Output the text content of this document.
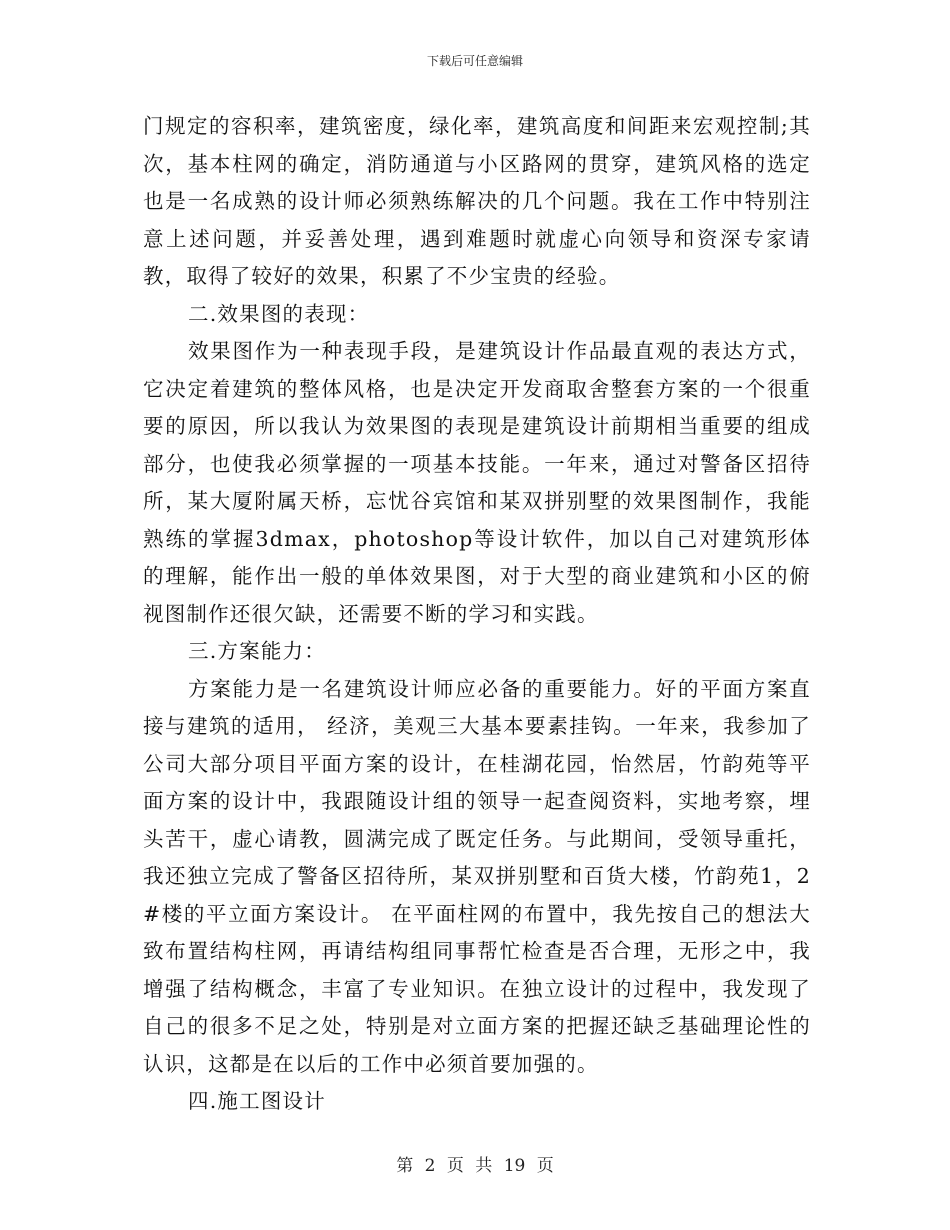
下载后可任意编辑

门规定的容积率，建筑密度，绿化率，建筑高度和间距来宏观控制;其次，基本柱网的确定，消防通道与小区路网的贯穿，建筑风格的选定也是一名成熟的设计师必须熟练解决的几个问题。我在工作中特别注意上述问题，并妥善处理，遇到难题时就虚心向领导和资深专家请教，取得了较好的效果，积累了不少宝贵的经验。

二.效果图的表现：

效果图作为一种表现手段，是建筑设计作品最直观的表达方式，它决定着建筑的整体风格，也是决定开发商取舍整套方案的一个很重要的原因，所以我认为效果图的表现是建筑设计前期相当重要的组成部分，也使我必须掌握的一项基本技能。一年来，通过对警备区招待所，某大厦附属天桥，忘忧谷宾馆和某双拼别墅的效果图制作，我能熟练的掌握3dmax，photoshop等设计软件，加以自己对建筑形体的理解，能作出一般的单体效果图，对于大型的商业建筑和小区的俯视图制作还很欠缺，还需要不断的学习和实践。

三.方案能力：

方案能力是一名建筑设计师应必备的重要能力。好的平面方案直接与建筑的适用， 经济，美观三大基本要素挂钩。一年来，我参加了公司大部分项目平面方案的设计，在桂湖花园，怡然居，竹韵苑等平面方案的设计中，我跟随设计组的领导一起查阅资料，实地考察，埋头苦干，虚心请教，圆满完成了既定任务。与此期间，受领导重托，我还独立完成了警备区招待所，某双拼别墅和百货大楼，竹韵苑1，2#楼的平立面方案设计。 在平面柱网的布置中，我先按自己的想法大致布置结构柱网，再请结构组同事帮忙检查是否合理，无形之中，我增强了结构概念，丰富了专业知识。在独立设计的过程中，我发现了自己的很多不足之处，特别是对立面方案的把握还缺乏基础理论性的认识，这都是在以后的工作中必须首要加强的。

四.施工图设计

第 2 页 共 19 页
